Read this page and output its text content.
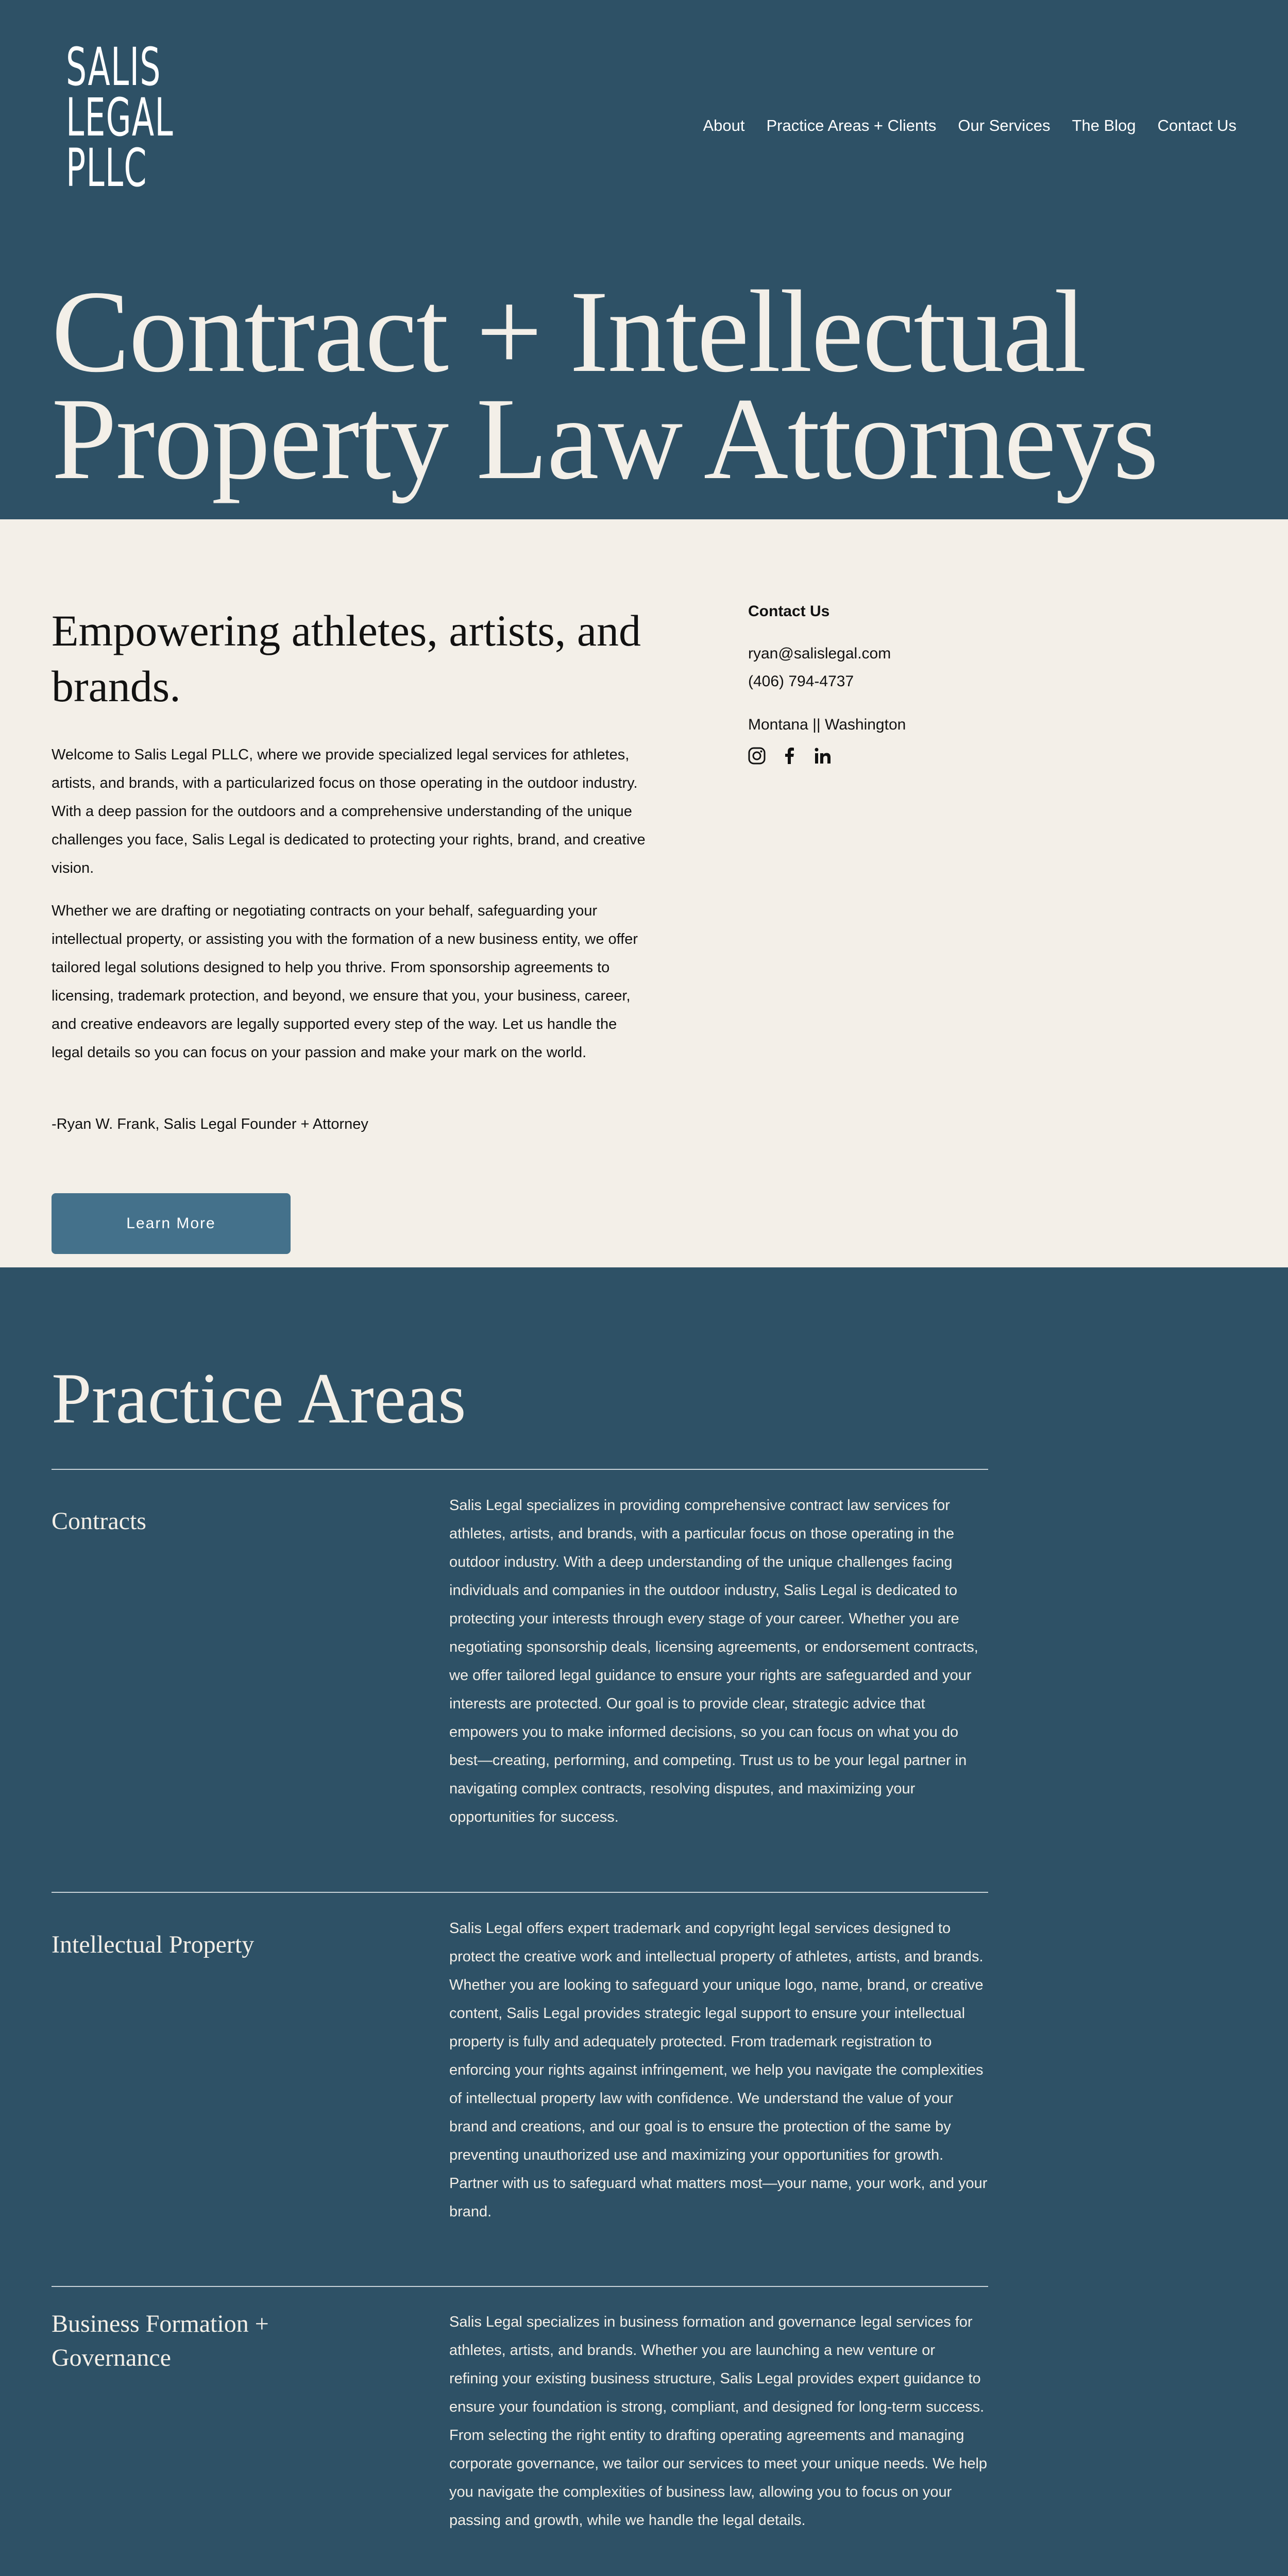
SALIS
LEGAL
PLLC
About Practice Areas + Clients Our Services The Blog Contact Us
Contract + Intellectual
Property Law Attorneys
Empowering athletes, artists, and brands.

Welcome to Salis Legal PLLC, where we provide specialized legal services for athletes, artists, and brands, with a particularized focus on those operating in the outdoor industry. With a deep passion for the outdoors and a comprehensive understanding of the unique challenges you face, Salis Legal is dedicated to protecting your rights, brand, and creative vision.

Whether we are drafting or negotiating contracts on your behalf, safeguarding your intellectual property, or assisting you with the formation of a new business entity, we offer tailored legal solutions designed to help you thrive. From sponsorship agreements to licensing, trademark protection, and beyond, we ensure that you, your business, career, and creative endeavors are legally supported every step of the way. Let us handle the legal details so you can focus on your passion and make your mark on the world.

-Ryan W. Frank, Salis Legal Founder + Attorney
Learn More
Contact Us
ryan@salislegal.com
(406) 794-4737
Montana || Washington
Practice Areas
Contracts
Salis Legal specializes in providing comprehensive contract law services for athletes, artists, and brands, with a particular focus on those operating in the outdoor industry. With a deep understanding of the unique challenges facing individuals and companies in the outdoor industry, Salis Legal is dedicated to protecting your interests through every stage of your career. Whether you are negotiating sponsorship deals, licensing agreements, or endorsement contracts, we offer tailored legal guidance to ensure your rights are safeguarded and your interests are protected. Our goal is to provide clear, strategic advice that empowers you to make informed decisions, so you can focus on what you do best—creating, performing, and competing. Trust us to be your legal partner in navigating complex contracts, resolving disputes, and maximizing your opportunities for success.
Intellectual Property
Salis Legal offers expert trademark and copyright legal services designed to protect the creative work and intellectual property of athletes, artists, and brands. Whether you are looking to safeguard your unique logo, name, brand, or creative content, Salis Legal provides strategic legal support to ensure your intellectual property is fully and adequately protected. From trademark registration to enforcing your rights against infringement, we help you navigate the complexities of intellectual property law with confidence. We understand the value of your brand and creations, and our goal is to ensure the protection of the same by preventing unauthorized use and maximizing your opportunities for growth. Partner with us to safeguard what matters most—your name, your work, and your brand.
Business Formation + Governance
Salis Legal specializes in business formation and governance legal services for athletes, artists, and brands. Whether you are launching a new venture or refining your existing business structure, Salis Legal provides expert guidance to ensure your foundation is strong, compliant, and designed for long-term success. From selecting the right entity to drafting operating agreements and managing corporate governance, we tailor our services to meet your unique needs. We help you navigate the complexities of business law, allowing you to focus on your passing and growth, while we handle the legal details.
